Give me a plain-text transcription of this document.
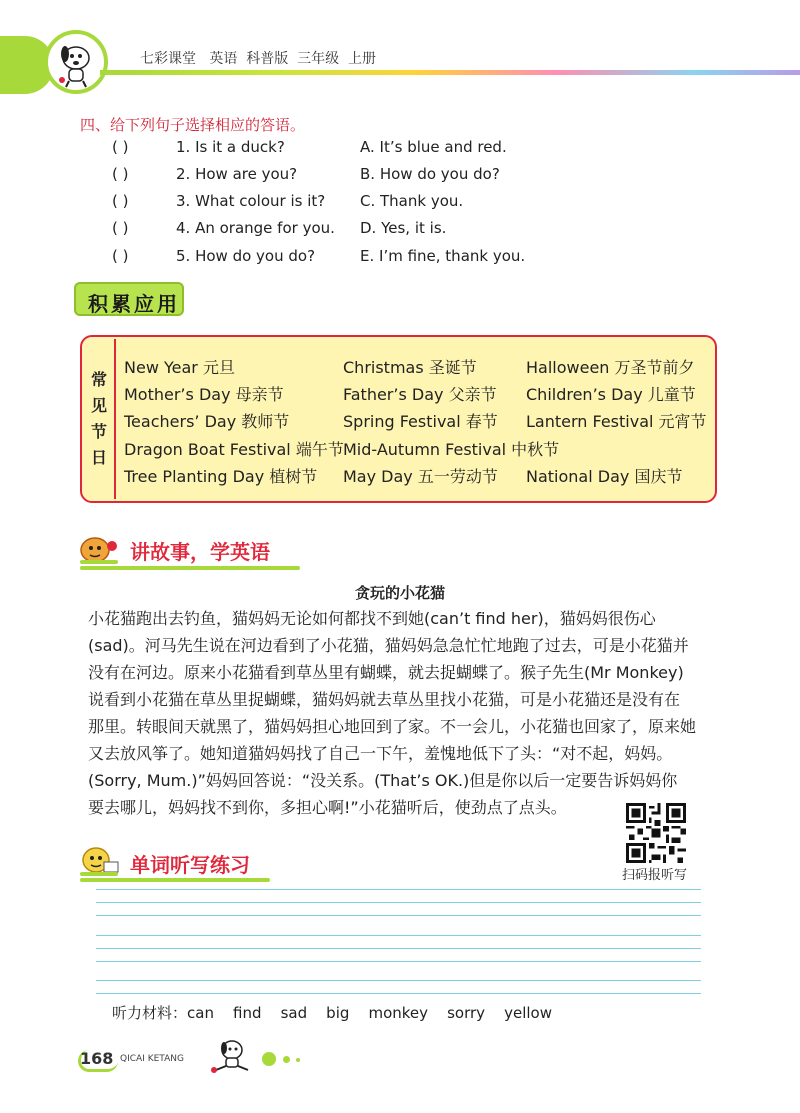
七彩课堂   英语  科普版  三年级  上册
四、给下列句子选择相应的答语。
( )	1. Is it a duck?	A. It’s blue and red.
( )	2. How are you?	B. How do you do?
( )	3. What colour is it? C. Thank you.
( )	4. An orange for you. D. Yes, it is.
( )	5. How do you do?	E. I’m fine, thank you.
积累应用
常
见
节
日
New Year 元旦	Christmas 圣诞节	Halloween 万圣节前夕
Mother’s Day 母亲节	Father’s Day 父亲节 Children’s Day 儿童节
Teachers’ Day 教师节	Spring Festival 春节 Lantern Festival 元宵节
Dragon Boat Festival 端午节 Mid-Autumn Festival 中秋节
Tree Planting Day 植树节 May Day 五一劳动节 National Day 国庆节
讲故事，学英语
贪玩的小花猫
小花猫跑出去钓鱼，猫妈妈无论如何都找不到她(can’t find her)，猫妈妈很伤心
(sad)。河马先生说在河边看到了小花猫，猫妈妈急急忙忙地跑了过去，可是小花猫并
没有在河边。原来小花猫看到草丛里有蝴蝶，就去捉蝴蝶了。猴子先生(Mr Monkey)
说看到小花猫在草丛里捉蝴蝶，猫妈妈就去草丛里找小花猫，可是小花猫还是没有在
那里。转眼间天就黑了，猫妈妈担心地回到了家。不一会儿，小花猫也回家了，原来她
又去放风筝了。她知道猫妈妈找了自己一下午，羞愧地低下了头：“对不起，妈妈。
(Sorry, Mum.)”妈妈回答说：“没关系。(That’s OK.)但是你以后一定要告诉妈妈你
要去哪儿，妈妈找不到你，多担心啊!”小花猫听后，使劲点了点头。
扫码报听写
单词听写练习
听力材料：can    find    sad    big    monkey    sorry    yellow
168 QICAI KETANG
